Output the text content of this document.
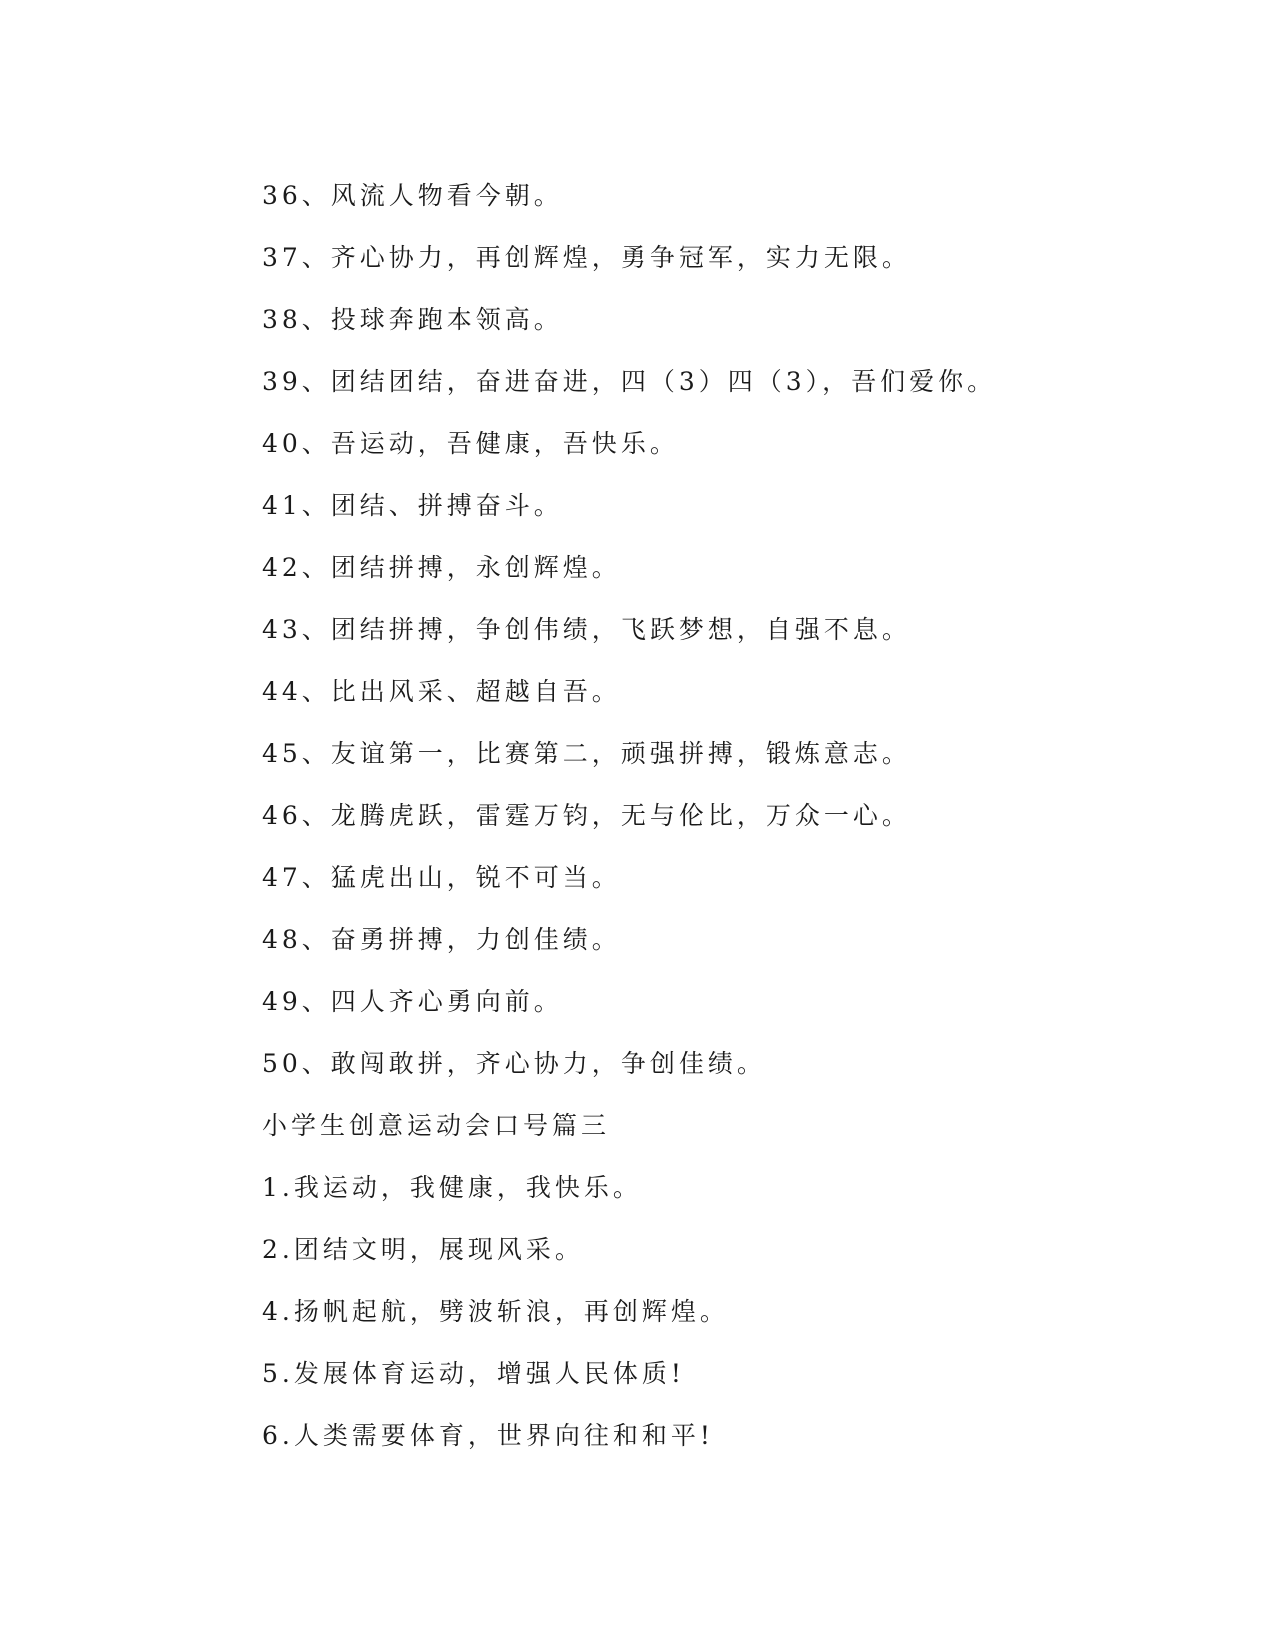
36、风流人物看今朝。
37、齐心协力，再创辉煌，勇争冠军，实力无限。
38、投球奔跑本领高。
39、团结团结，奋进奋进，四（3）四（3），吾们爱你。
40、吾运动，吾健康，吾快乐。
41、团结、拼搏奋斗。
42、团结拼搏，永创辉煌。
43、团结拼搏，争创伟绩，飞跃梦想，自强不息。
44、比出风采、超越自吾。
45、友谊第一，比赛第二，顽强拼搏，锻炼意志。
46、龙腾虎跃，雷霆万钧，无与伦比，万众一心。
47、猛虎出山，锐不可当。
48、奋勇拼搏，力创佳绩。
49、四人齐心勇向前。
50、敢闯敢拼，齐心协力，争创佳绩。
小学生创意运动会口号篇三
1.我运动，我健康，我快乐。
2.团结文明，展现风采。
4.扬帆起航，劈波斩浪，再创辉煌。
5.发展体育运动，增强人民体质!
6.人类需要体育，世界向往和和平!
